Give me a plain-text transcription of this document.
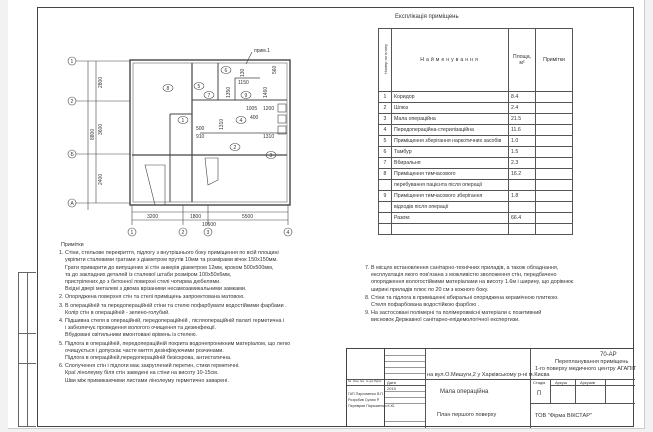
прим.1
1
2
Б
А
1	2	3	4
2800
8800 3600
2400
3200	1800	5500
10500
8
7
6
5
9
1	4
2
3
1150
1460
1350
500
1005 1200
400
910	1310
1310
130	560
Експлікація приміщень
Номер по плану	Найменування	Площа, м²	Примітки
1	Коридор	8.4	
2	Шлюз	2.4	
3	Мала операційна	21.5	
4	Передопераційна-стерилізаційна	11.6	
5	Приміщення зберігання наркотичних засобів	1.0	
6	Тамбур	1.5	
7	Вбиральня	2.3	
8	Приміщення тимчасового	16.2	
	перебування пацієнта після операції		
9	Приміщення тимчасового зберігання	1.8	
	відходів після операції		
	Разом:	66.4	

Примітки
1. Стіни, стельове перекриття, підлогу з внутрішнього боку приміщення по всій площині
укріпити сталевими гратами з діаметром прутів 10мм та розмірами вічок 150х150мм.
Грати приварити до випущених зі стін анкерів діаметром 12мм, кроком 500х500мм,
та до закладних деталей із сталевої штаби розміром 100х50х6мм,
пристріпених до з бетонної поверхні стелі чотирма дюбелями.
Вхідні двері металеві з двома врізаними несамозамикальними замками.
2. Опоряджена поверхня стін та стелі приміщень запроектована матовою.
3. В операційній та передопераційній стіни та стелю пофарбувати водостійкими фарбами .
Колір стін в операційній - зелено-голубий.
4. Підшивна стеля в операційній, передопераційній , післяопераційній палаті герметична і
і забезпечує проведення вологого очищення та дезинфекції.
Вбудовані світильники вмонтовані врівень із стелею.
5. Підлога в операційній, передопераційній покрита водонепроникним матеріалом, що легко
очищується і допускає часте миття дезінфікуючими розчинами.
Підлога в операційній,передопераційній безіскрова, антистатична.
6. Сполучення стін і підлоги має закруглений перетин, стики герметичні.
Краї лінолеуму біля стін заведені на стіни на висоту 10-15см.
Шви між примикаючими листами лінолеуму герметично заварені.
7. В місцях встановлення санітарно-технічних приладів, а також обладнання,
експлуатація якого пов'язана з можливістю зволоження стін, передбачено
опорядження вологостійкими матеріалами на висоту 1.6м і ширину, що дорівнює
ширині приладів плюс по 20 см з кожного боку.
8. Стіни та підлога в приміщенні вбиральні опоряджена керамічною плиткою.
Стеля пофарбована водостійкою фарбою .
9. На застосовані полімерні та полімеровмісні матеріали є позитивний
висновок Державної санітарно-епідемологічної експертизи.
Дата
2019
70-АР
Перепланування приміщень
1-го поверху медичного центру АГАПІТ
на вул.О.Мишуги,2 у Харківському р-ні м.Києва
Мала операційна
План першого поверху
Стадія Аркуш	Аркушів
П
ТОВ "Фірма ВІКСТАР"
Зм. Кільк. Арк. № док. Підпис
ГАП Пархоменко В.П.
Розробив Сулим Р.
Перевірив Пархоменко К.Ю.
